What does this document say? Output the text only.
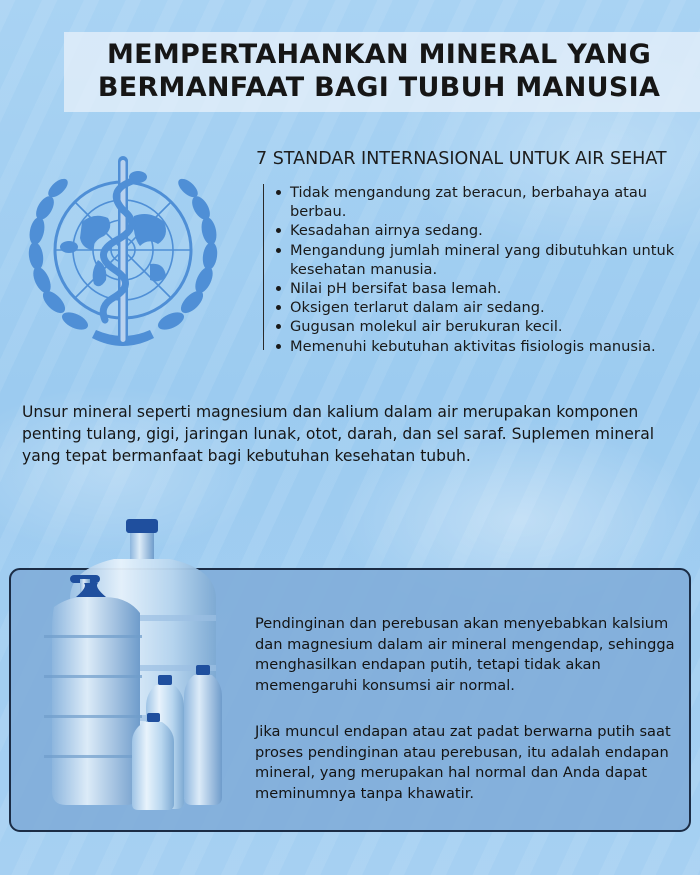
MEMPERTAHANKAN MINERAL YANG
BERMANFAAT BAGI TUBUH MANUSIA
7 STANDAR INTERNASIONAL UNTUK AIR SEHAT
Tidak mengandung zat beracun, berbahaya atau berbau.
Kesadahan airnya sedang.
Mengandung jumlah mineral yang dibutuhkan untuk kesehatan manusia.
Nilai pH bersifat basa lemah.
Oksigen terlarut dalam air sedang.
Gugusan molekul air berukuran kecil.
Memenuhi kebutuhan aktivitas fisiologis manusia.
Unsur mineral seperti magnesium dan kalium dalam air merupakan komponen penting tulang, gigi, jaringan lunak, otot, darah, dan sel saraf. Suplemen mineral yang tepat bermanfaat bagi kebutuhan kesehatan tubuh.
Pendinginan dan perebusan akan menyebabkan kalsium dan magnesium dalam air mineral mengendap, sehingga menghasilkan endapan putih, tetapi tidak akan memengaruhi konsumsi air normal.
Jika muncul endapan atau zat padat berwarna putih saat proses pendinginan atau perebusan, itu adalah endapan mineral, yang merupakan hal normal dan Anda dapat meminumnya tanpa khawatir.
